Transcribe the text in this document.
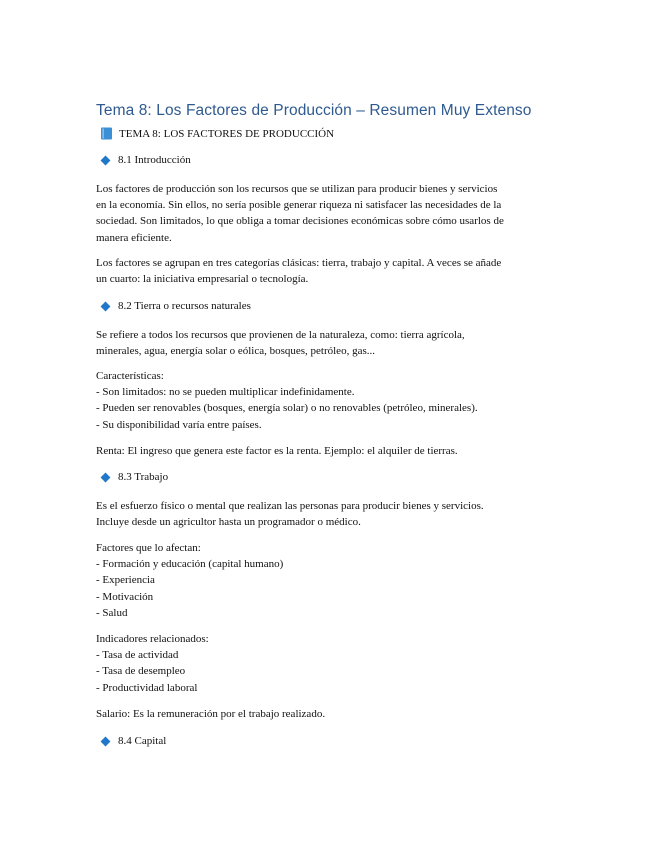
Tema 8: Los Factores de Producción – Resumen Muy Extenso
TEMA 8: LOS FACTORES DE PRODUCCIÓN
8.1 Introducción
Los factores de producción son los recursos que se utilizan para producir bienes y servicios
en la economía. Sin ellos, no sería posible generar riqueza ni satisfacer las necesidades de la
sociedad. Son limitados, lo que obliga a tomar decisiones económicas sobre cómo usarlos de
manera eficiente.
Los factores se agrupan en tres categorías clásicas: tierra, trabajo y capital. A veces se añade
un cuarto: la iniciativa empresarial o tecnología.
8.2 Tierra o recursos naturales
Se refiere a todos los recursos que provienen de la naturaleza, como: tierra agrícola,
minerales, agua, energía solar o eólica, bosques, petróleo, gas...
Características:
- Son limitados: no se pueden multiplicar indefinidamente.
- Pueden ser renovables (bosques, energía solar) o no renovables (petróleo, minerales).
- Su disponibilidad varía entre países.
Renta: El ingreso que genera este factor es la renta. Ejemplo: el alquiler de tierras.
8.3 Trabajo
Es el esfuerzo físico o mental que realizan las personas para producir bienes y servicios.
Incluye desde un agricultor hasta un programador o médico.
Factores que lo afectan:
- Formación y educación (capital humano)
- Experiencia
- Motivación
- Salud
Indicadores relacionados:
- Tasa de actividad
- Tasa de desempleo
- Productividad laboral
Salario: Es la remuneración por el trabajo realizado.
8.4 Capital
